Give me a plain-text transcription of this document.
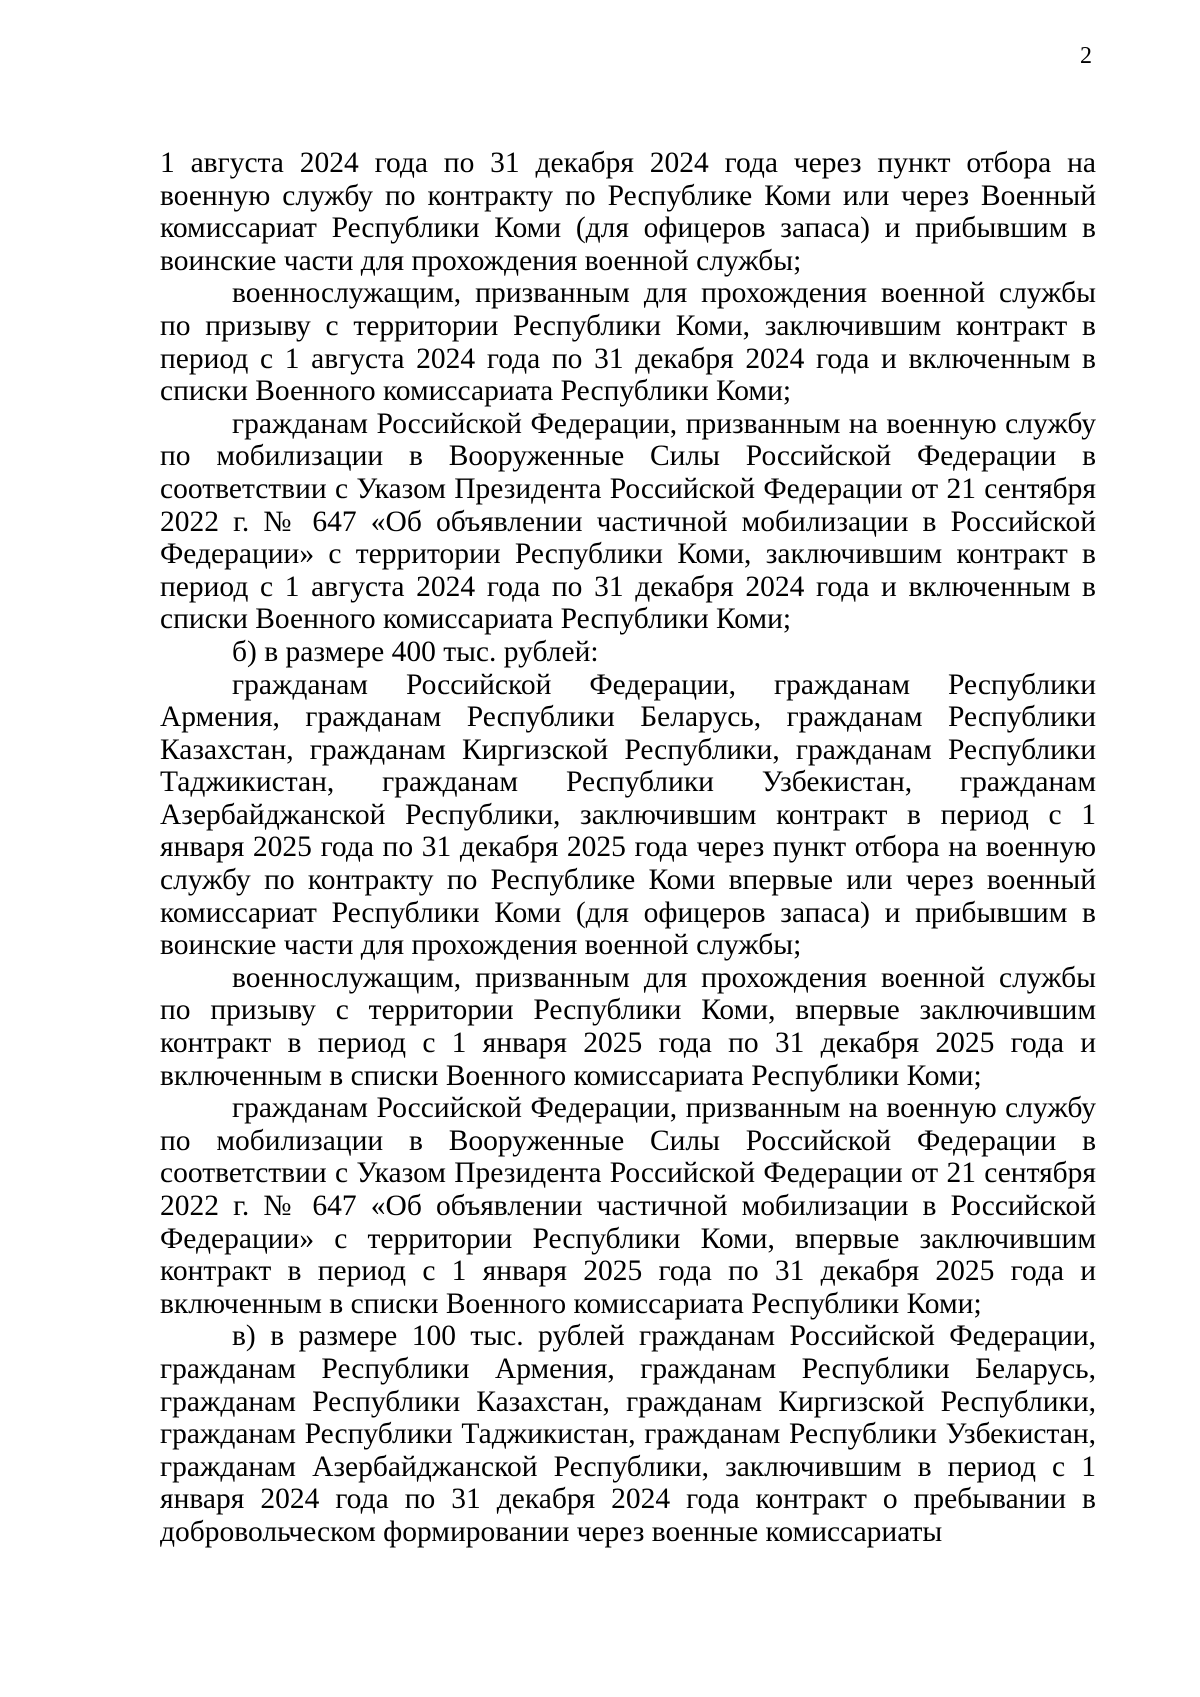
2

1 августа 2024 года по 31 декабря 2024 года через пункт отбора на военную службу по контракту по Республике Коми или через Военный комиссариат Республики Коми (для офицеров запаса) и прибывшим в воинские части для прохождения военной службы;

военнослужащим, призванным для прохождения военной службы по призыву с территории Республики Коми, заключившим контракт в период с 1 августа 2024 года по 31 декабря 2024 года и включенным в списки Военного комиссариата Республики Коми;

гражданам Российской Федерации, призванным на военную службу по мобилизации в Вооруженные Силы Российской Федерации в соответствии с Указом Президента Российской Федерации от 21 сентября 2022 г. № 647 «Об объявлении частичной мобилизации в Российской Федерации» с территории Республики Коми, заключившим контракт в период с 1 августа 2024 года по 31 декабря 2024 года и включенным в списки Военного комиссариата Республики Коми;

б) в размере 400 тыс. рублей:

гражданам Российской Федерации, гражданам Республики Армения, гражданам Республики Беларусь, гражданам Республики Казахстан, гражданам Киргизской Республики, гражданам Республики Таджикистан, гражданам Республики Узбекистан, гражданам Азербайджанской Республики, заключившим контракт в период с 1 января 2025 года по 31 декабря 2025 года через пункт отбора на военную службу по контракту по Республике Коми впервые или через военный комиссариат Республики Коми (для офицеров запаса) и прибывшим в воинские части для прохождения военной службы;

военнослужащим, призванным для прохождения военной службы по призыву с территории Республики Коми, впервые заключившим контракт в период с 1 января 2025 года по 31 декабря 2025 года и включенным в списки Военного комиссариата Республики Коми;

гражданам Российской Федерации, призванным на военную службу по мобилизации в Вооруженные Силы Российской Федерации в соответствии с Указом Президента Российской Федерации от 21 сентября 2022 г. № 647 «Об объявлении частичной мобилизации в Российской Федерации» с территории Республики Коми, впервые заключившим контракт в период с 1 января 2025 года по 31 декабря 2025 года и включенным в списки Военного комиссариата Республики Коми;

в) в размере 100 тыс. рублей гражданам Российской Федерации, гражданам Республики Армения, гражданам Республики Беларусь, гражданам Республики Казахстан, гражданам Киргизской Республики, гражданам Республики Таджикистан, гражданам Республики Узбекистан, гражданам Азербайджанской Республики, заключившим в период с 1 января 2024 года по 31 декабря 2024 года контракт о пребывании в добровольческом формировании через военные комиссариаты
